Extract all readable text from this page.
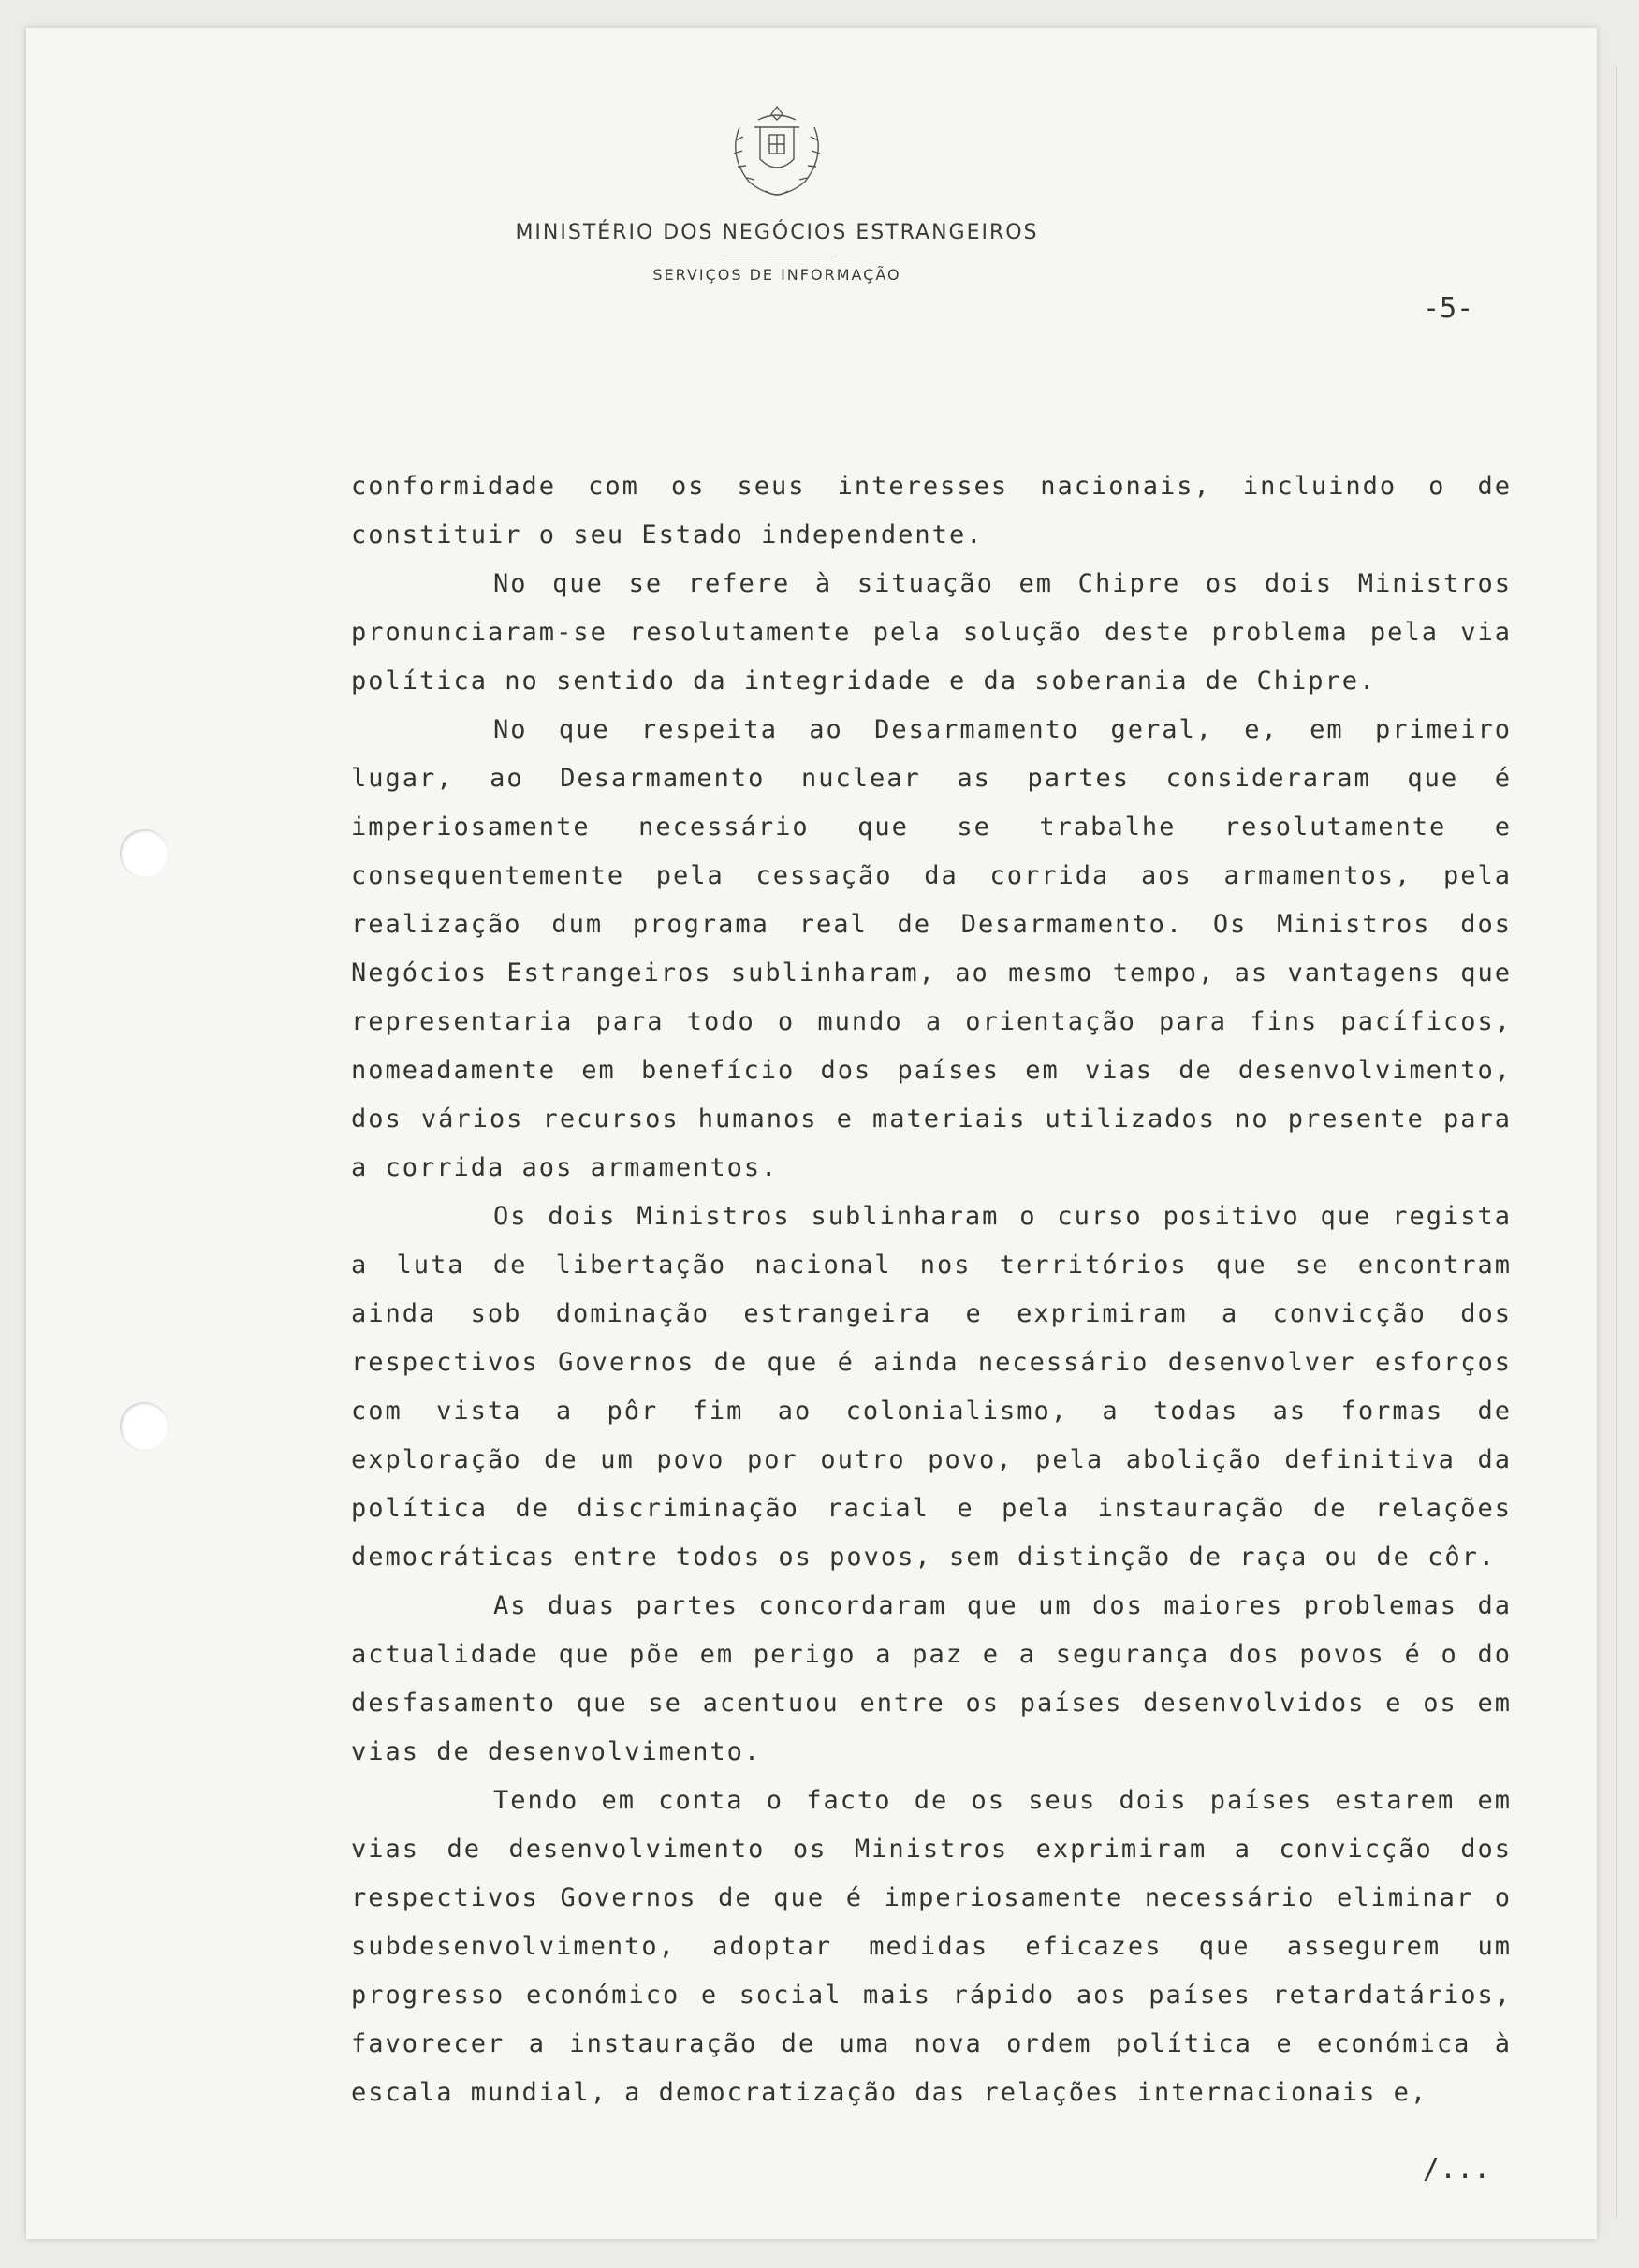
MINISTÉRIO DOS NEGÓCIOS ESTRANGEIROS
SERVIÇOS DE INFORMAÇÃO
-5-

conformidade com os seus interesses nacionais, incluindo o de constituir o seu Estado independente.

No que se refere à situação em Chipre os dois Ministros pronunciaram-se resolutamente pela solução deste problema pela via política no sentido da integridade e da soberania de Chipre.

No que respeita ao Desarmamento geral, e, em primeiro lugar, ao Desarmamento nuclear as partes consideraram que é imperiosamente necessário que se trabalhe resolutamente e consequentemente pela cessação da corrida aos armamentos, pela realização dum programa real de Desarmamento. Os Ministros dos Negócios Estrangeiros sublinharam, ao mesmo tempo, as vantagens que representaria para todo o mundo a orientação para fins pacíficos, nomeadamente em benefício dos países em vias de desenvolvimento, dos vários recursos humanos e materiais utilizados no presente para a corrida aos armamentos.

Os dois Ministros sublinharam o curso positivo que regista a luta de libertação nacional nos territórios que se encontram ainda sob dominação estrangeira e exprimiram a convicção dos respectivos Governos de que é ainda necessário desenvolver esforços com vista a pôr fim ao colonialismo, a todas as formas de exploração de um povo por outro povo, pela abolição definitiva da política de discriminação racial e pela instauração de relações democráticas entre todos os povos, sem distinção de raça ou de côr.

As duas partes concordaram que um dos maiores problemas da actualidade que põe em perigo a paz e a segurança dos povos é o do desfasamento que se acentuou entre os países desenvolvidos e os em vias de desenvolvimento.

Tendo em conta o facto de os seus dois países estarem em vias de desenvolvimento os Ministros exprimiram a convicção dos respectivos Governos de que é imperiosamente necessário eliminar o subdesenvolvimento, adoptar medidas eficazes que assegurem um progresso económico e social mais rápido aos países retardatários, favorecer a instauração de uma nova ordem política e económica à escala mundial, a democratização das relações internacionais e,

/...
